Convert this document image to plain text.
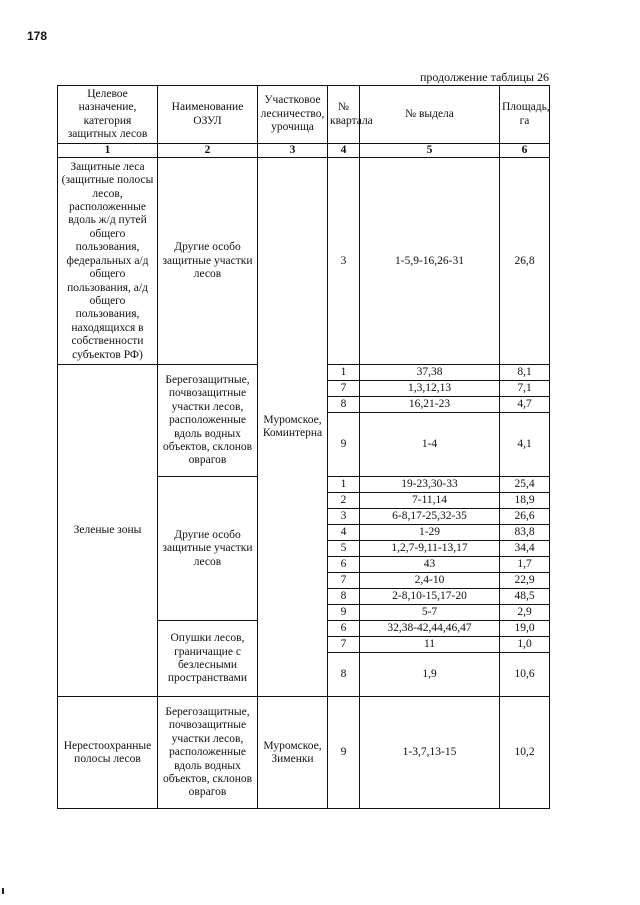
178
продолжение таблицы 26
Целевое назначение, категория защитных лесов	Наименование ОЗУЛ	Участковое лесничество, урочища	№ квартала	№ выдела	Площадь, га
1	2	3	4	5	6
Защитные леса (защитные полосы лесов, расположенные вдоль ж/д путей общего пользования, федеральных а/д общего пользования, а/д общего пользования, находящихся в собственности субъектов РФ)	Другие особо защитные участки лесов	Муромское, Коминтерна	3	1-5,9-16,26-31	26,8
Зеленые зоны	Берегозащитные, почвозащитные участки лесов, расположенные вдоль водных объектов, склонов оврагов		1	37,38	8,1
			7	1,3,12,13	7,1
			8	16,21-23	4,7
			9	1-4	4,1
	Другие особо защитные участки лесов		1	19-23,30-33	25,4
			2	7-11,14	18,9
			3	6-8,17-25,32-35	26,6
			4	1-29	83,8
			5	1,2,7-9,11-13,17	34,4
			6	43	1,7
			7	2,4-10	22,9
			8	2-8,10-15,17-20	48,5
			9	5-7	2,9
	Опушки лесов, граничащие с безлесными пространствами		6	32,38-42,44,46,47	19,0
			7	11	1,0
			8	1,9	10,6
Нерестоохранные полосы лесов	Берегозащитные, почвозащитные участки лесов, расположенные вдоль водных объектов, склонов оврагов	Муромское, Зименки	9	1-3,7,13-15	10,2
